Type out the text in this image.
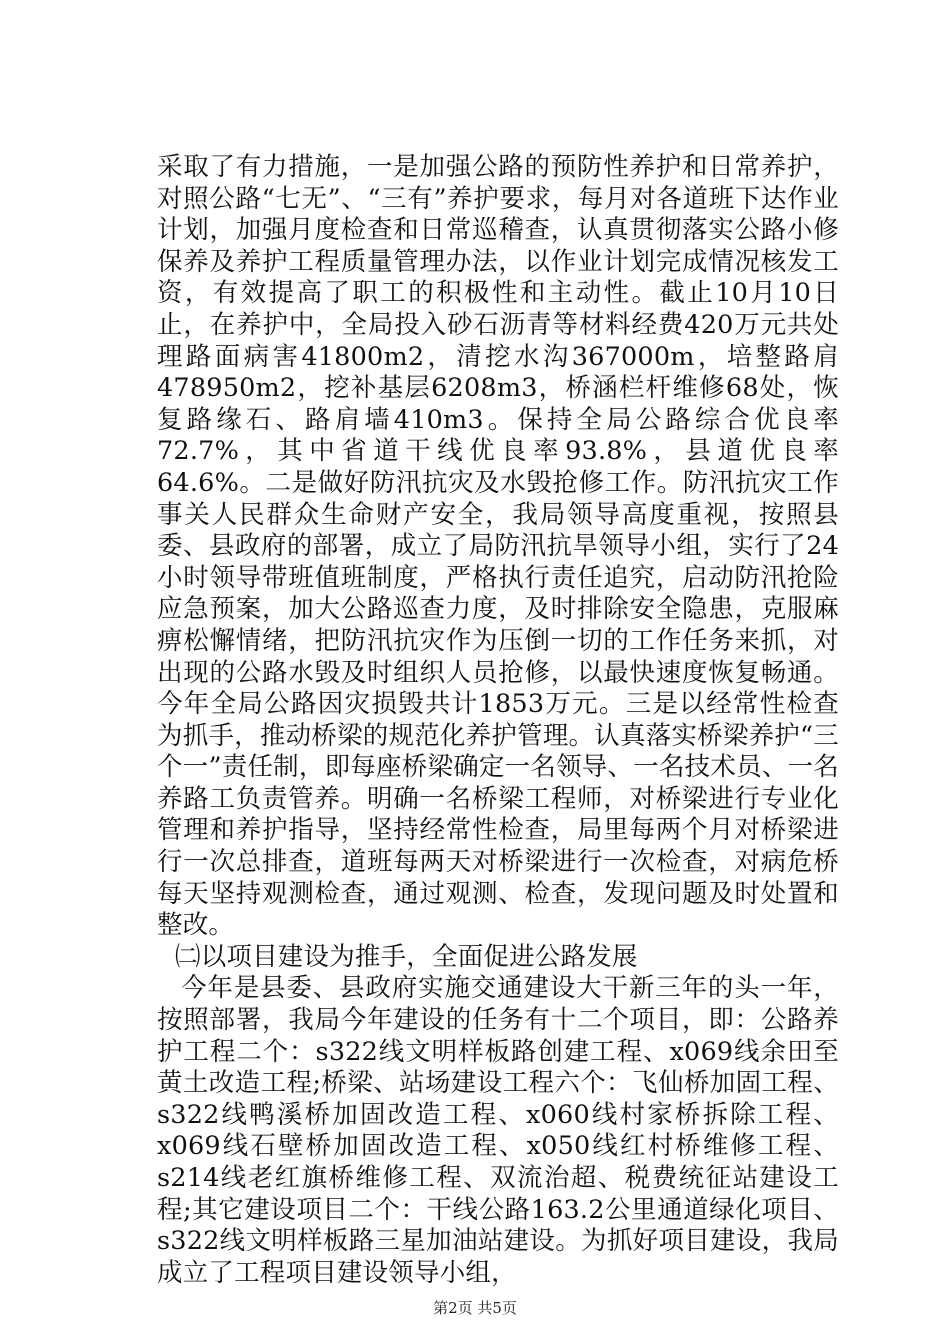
采取了有力措施，一是加强公路的预防性养护和日常养护，对照公路“七无”、“三有”养护要求，每月对各道班下达作业计划，加强月度检查和日常巡稽查，认真贯彻落实公路小修保养及养护工程质量管理办法，以作业计划完成情况核发工资，有效提高了职工的积极性和主动性。截止10月10日止，在养护中，全局投入砂石沥青等材料经费420万元共处理路面病害41800m2，清挖水沟367000m，培整路肩478950m2，挖补基层6208m3，桥涵栏杆维修68处，恢复路缘石、路肩墙410m3。保持全局公路综合优良率72.7%，其中省道干线优良率93.8%，县道优良率64.6%。二是做好防汛抗灾及水毁抢修工作。防汛抗灾工作事关人民群众生命财产安全，我局领导高度重视，按照县委、县政府的部署，成立了局防汛抗旱领导小组，实行了24小时领导带班值班制度，严格执行责任追究，启动防汛抢险应急预案，加大公路巡查力度，及时排除安全隐患，克服麻痹松懈情绪，把防汛抗灾作为压倒一切的工作任务来抓，对出现的公路水毁及时组织人员抢修，以最快速度恢复畅通。今年全局公路因灾损毁共计1853万元。三是以经常性检查为抓手，推动桥梁的规范化养护管理。认真落实桥梁养护“三个一”责任制，即每座桥梁确定一名领导、一名技术员、一名养路工负责管养。明确一名桥梁工程师，对桥梁进行专业化管理和养护指导，坚持经常性检查，局里每两个月对桥梁进行一次总排查，道班每两天对桥梁进行一次检查，对病危桥每天坚持观测检查，通过观测、检查，发现问题及时处置和整改。

㈡以项目建设为推手，全面促进公路发展

今年是县委、县政府实施交通建设大干新三年的头一年，按照部署，我局今年建设的任务有十二个项目，即：公路养护工程二个：s322线文明样板路创建工程、x069线余田至黄土改造工程;桥梁、站场建设工程六个：飞仙桥加固工程、s322线鸭溪桥加固改造工程、x060线村家桥拆除工程、x069线石壁桥加固改造工程、x050线红村桥维修工程、s214线老红旗桥维修工程、双流治超、税费统征站建设工程;其它建设项目二个：干线公路163.2公里通道绿化项目、s322线文明样板路三星加油站建设。为抓好项目建设，我局成立了工程项目建设领导小组，

第2页 共5页
